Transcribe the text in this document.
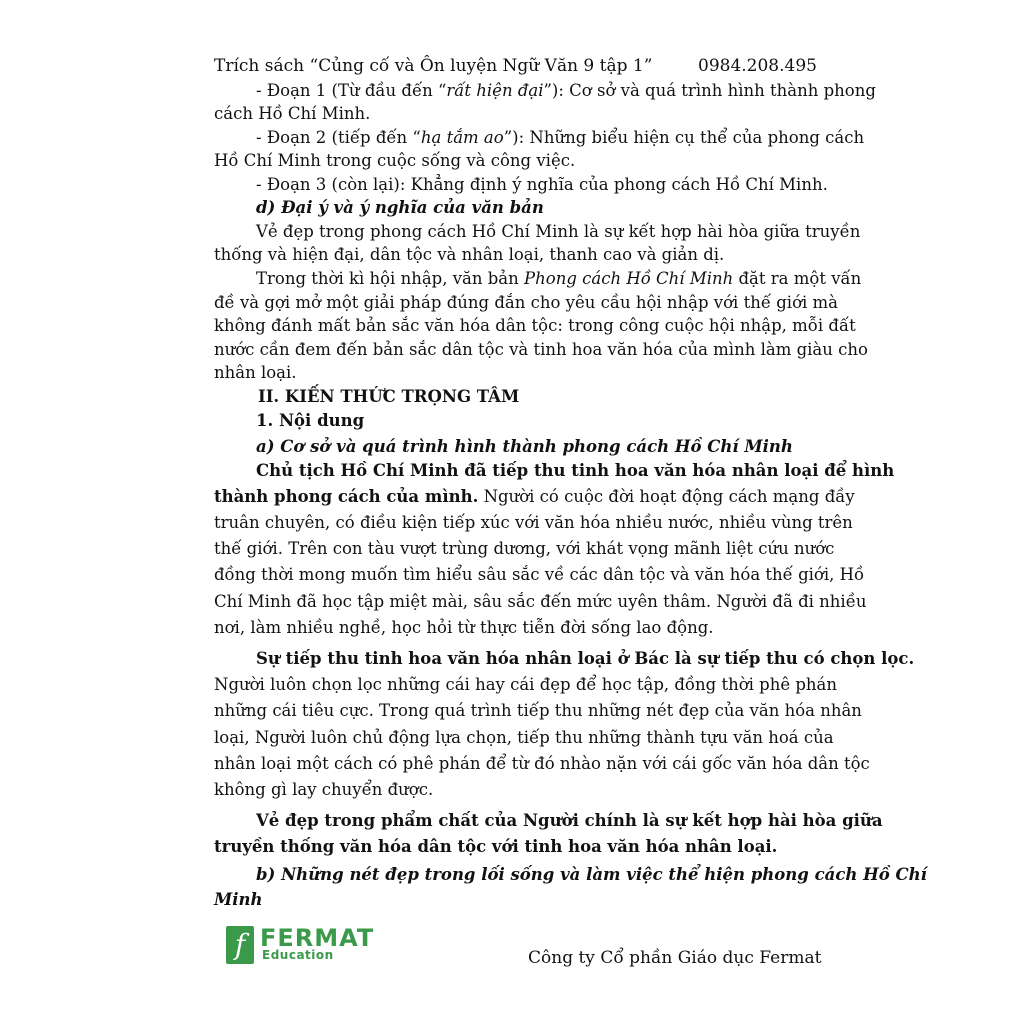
Trích sách “Củng cố và Ôn luyện Ngữ Văn 9 tập 1”	0984.208.495
- Đoạn 1 (Từ đầu đến “rất hiện đại”): Cơ sở và quá trình hình thành phong
cách Hồ Chí Minh.
- Đoạn 2 (tiếp đến “hạ tắm ao”): Những biểu hiện cụ thể của phong cách
Hồ Chí Minh trong cuộc sống và công việc.
- Đoạn 3 (còn lại): Khẳng định ý nghĩa của phong cách Hồ Chí Minh.
d) Đại ý và ý nghĩa của văn bản
Vẻ đẹp trong phong cách Hồ Chí Minh là sự kết hợp hài hòa giữa truyền
thống và hiện đại, dân tộc và nhân loại, thanh cao và giản dị.
Trong thời kì hội nhập, văn bản Phong cách Hồ Chí Minh đặt ra một vấn
đề và gợi mở một giải pháp đúng đắn cho yêu cầu hội nhập với thế giới mà
không đánh mất bản sắc văn hóa dân tộc: trong công cuộc hội nhập, mỗi đất
nước cần đem đến bản sắc dân tộc và tinh hoa văn hóa của mình làm giàu cho
nhân loại.
II. KIẾN THỨC TRỌNG TÂM
1. Nội dung
a) Cơ sở và quá trình hình thành phong cách Hồ Chí Minh
Chủ tịch Hồ Chí Minh đã tiếp thu tinh hoa văn hóa nhân loại để hình
thành phong cách của mình. Người có cuộc đời hoạt động cách mạng đầy
truân chuyên, có điều kiện tiếp xúc với văn hóa nhiều nước, nhiều vùng trên
thế giới. Trên con tàu vượt trùng dương, với khát vọng mãnh liệt cứu nước
đồng thời mong muốn tìm hiểu sâu sắc về các dân tộc và văn hóa thế giới, Hồ
Chí Minh đã học tập miệt mài, sâu sắc đến mức uyên thâm. Người đã đi nhiều
nơi, làm nhiều nghề, học hỏi từ thực tiễn đời sống lao động.
Sự tiếp thu tinh hoa văn hóa nhân loại ở Bác là sự tiếp thu có chọn lọc.
Người luôn chọn lọc những cái hay cái đẹp để học tập, đồng thời phê phán
những cái tiêu cực. Trong quá trình tiếp thu những nét đẹp của văn hóa nhân
loại, Người luôn chủ động lựa chọn, tiếp thu những thành tựu văn hoá của
nhân loại một cách có phê phán để từ đó nhào nặn với cái gốc văn hóa dân tộc
không gì lay chuyển được.
Vẻ đẹp trong phẩm chất của Người chính là sự kết hợp hài hòa giữa
truyền thống văn hóa dân tộc với tinh hoa văn hóa nhân loại.
b) Những nét đẹp trong lối sống và làm việc thể hiện phong cách Hồ Chí
Minh
f FERMAT
Education	Công ty Cổ phần Giáo dục Fermat
